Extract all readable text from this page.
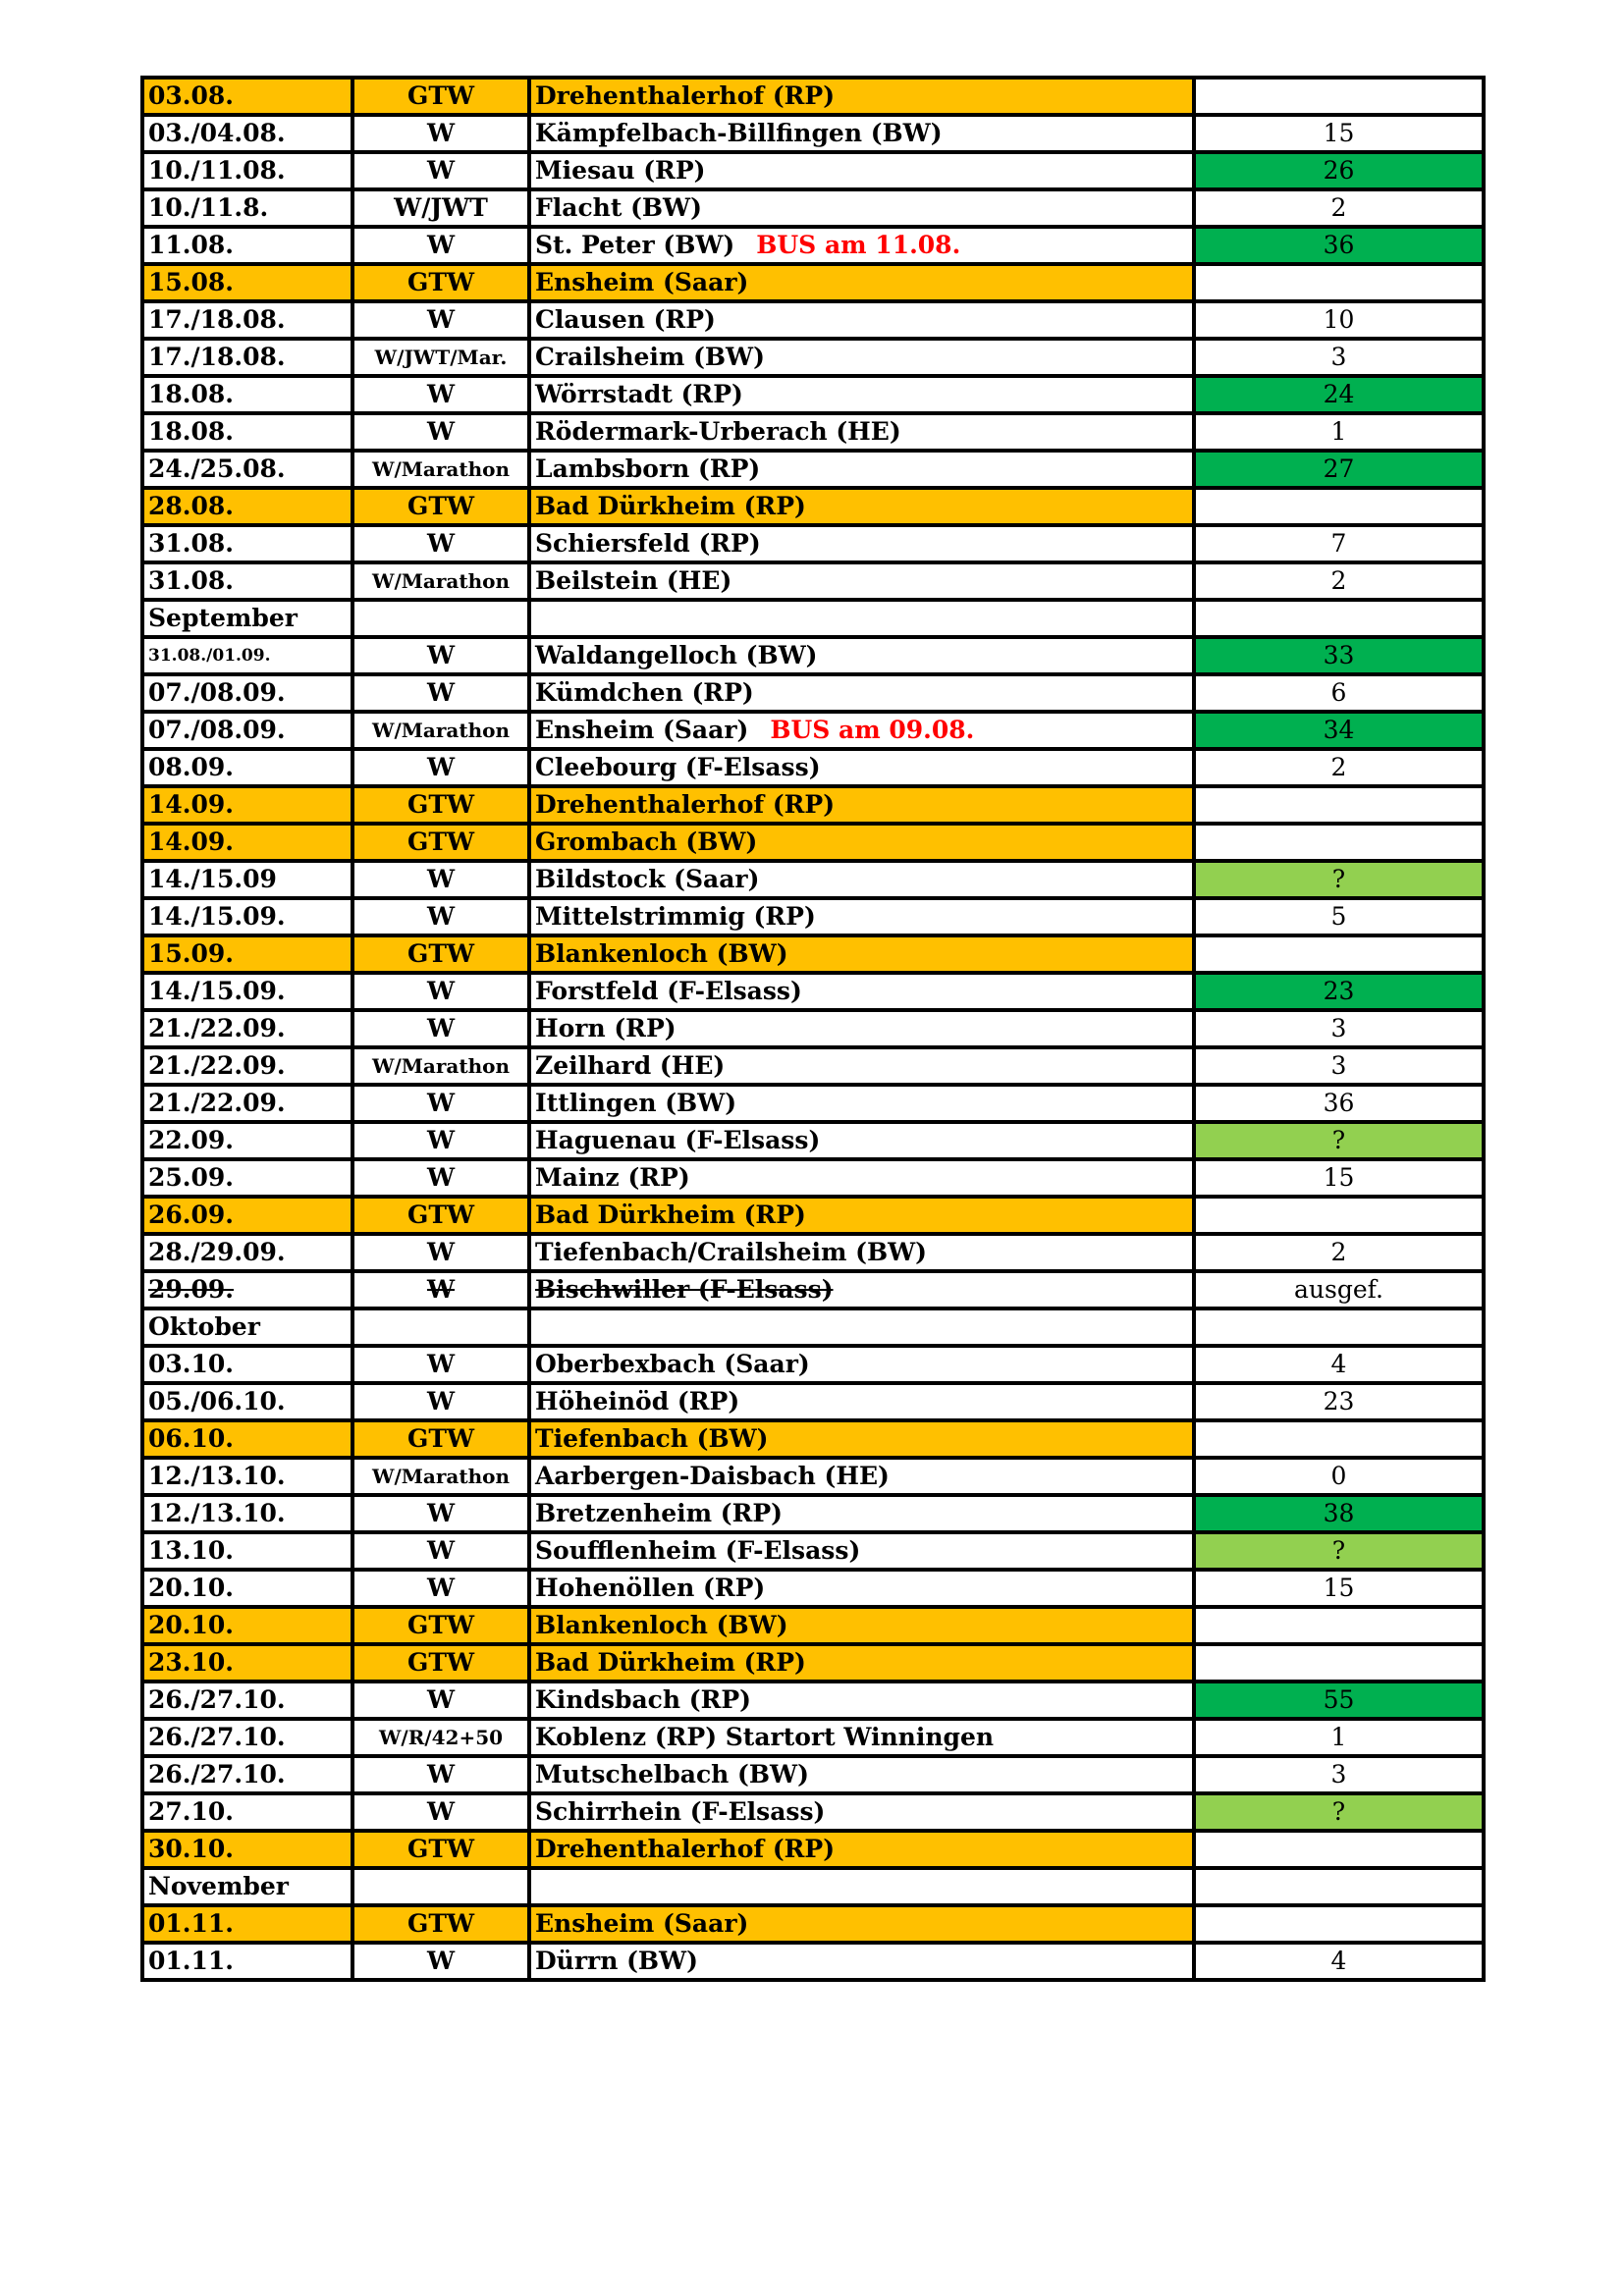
03.08.	GTW	Drehenthalerhof (RP)	
03./04.08.	W	Kämpfelbach-Billfingen (BW)	15
10./11.08.	W	Miesau (RP)	26
10./11.8.	W/JWT	Flacht (BW)	2
11.08.	W	St. Peter (BW) BUS am 11.08.	36
15.08.	GTW	Ensheim (Saar)	
17./18.08.	W	Clausen (RP)	10
17./18.08.	W/JWT/Mar.	Crailsheim (BW)	3
18.08.	W	Wörrstadt (RP)	24
18.08.	W	Rödermark-Urberach (HE)	1
24./25.08.	W/Marathon	Lambsborn (RP)	27
28.08.	GTW	Bad Dürkheim (RP)	
31.08.	W	Schiersfeld (RP)	7
31.08.	W/Marathon	Beilstein (HE)	2
September			
31.08./01.09.	W	Waldangelloch (BW)	33
07./08.09.	W	Kümdchen (RP)	6
07./08.09.	W/Marathon	Ensheim (Saar) BUS am 09.08.	34
08.09.	W	Cleebourg (F-Elsass)	2
14.09.	GTW	Drehenthalerhof (RP)	
14.09.	GTW	Grombach (BW)	
14./15.09	W	Bildstock (Saar)	?
14./15.09.	W	Mittelstrimmig (RP)	5
15.09.	GTW	Blankenloch (BW)	
14./15.09.	W	Forstfeld (F-Elsass)	23
21./22.09.	W	Horn (RP)	3
21./22.09.	W/Marathon	Zeilhard (HE)	3
21./22.09.	W	Ittlingen (BW)	36
22.09.	W	Haguenau (F-Elsass)	?
25.09.	W	Mainz (RP)	15
26.09.	GTW	Bad Dürkheim (RP)	
28./29.09.	W	Tiefenbach/Crailsheim (BW)	2
29.09.	W	Bischwiller (F-Elsass)	ausgef.
Oktober			
03.10.	W	Oberbexbach (Saar)	4
05./06.10.	W	Höheinöd (RP)	23
06.10.	GTW	Tiefenbach (BW)	
12./13.10.	W/Marathon	Aarbergen-Daisbach (HE)	0
12./13.10.	W	Bretzenheim (RP)	38
13.10.	W	Soufflenheim (F-Elsass)	?
20.10.	W	Hohenöllen (RP)	15
20.10.	GTW	Blankenloch (BW)	
23.10.	GTW	Bad Dürkheim (RP)	
26./27.10.	W	Kindsbach (RP)	55
26./27.10.	W/R/42+50	Koblenz (RP) Startort Winningen	1
26./27.10.	W	Mutschelbach (BW)	3
27.10.	W	Schirrhein (F-Elsass)	?
30.10.	GTW	Drehenthalerhof (RP)	
November			
01.11.	GTW	Ensheim (Saar)	
01.11.	W	Dürrn (BW)	4
